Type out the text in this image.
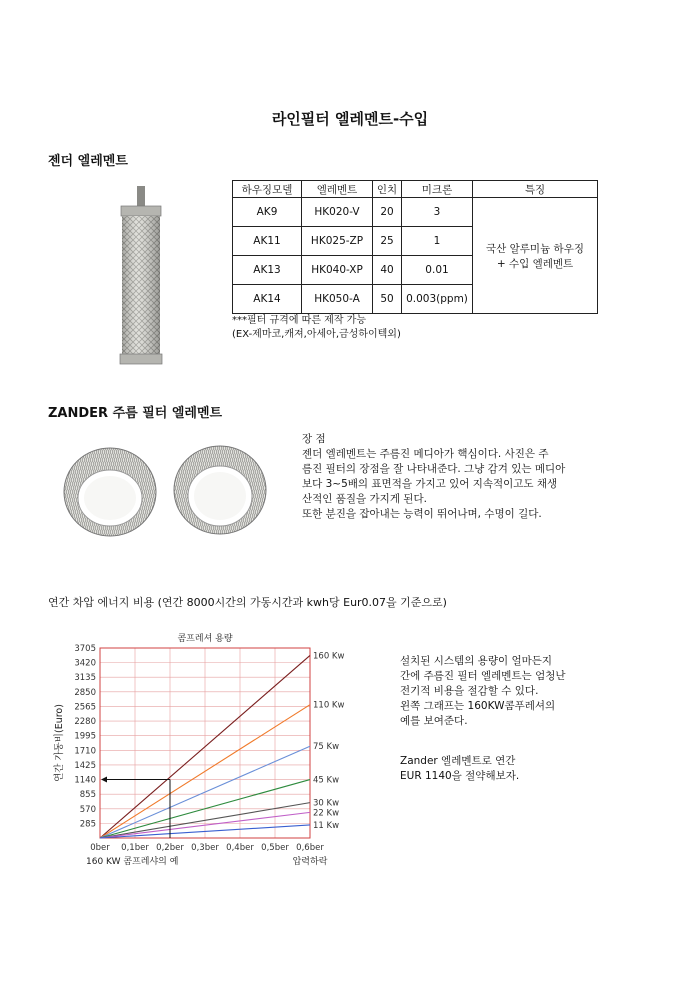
라인필터 엘레멘트-수입
젠더 엘레멘트
하우징모델	엘레멘트	인치	미크론	특징
AK9	HK020-V	20	3	국산 알루미늄 하우징
+ 수입 엘레멘트

AK11	HK025-ZP	25	1	
AK13	HK040-XP	40	0.01	
AK14	HK050-A	50	0.003(ppm)	
***필터 규격에 따른 제작 가능
(EX-제마코,캐져,아세아,금성하이텍외)
ZANDER 주름 필터 엘레멘트
장 점
젠더 엘레멘트는 주름진 메디아가 핵심이다. 사진은 주
름진 필터의 장점을 잘 나타내준다. 그냥 감겨 있는 메디아
보다 3~5배의 표면적을 가지고 있어 지속적이고도 채생
산적인 품질을 가지게 된다.
또한 분진을 잡아내는 능력이 뛰어나며, 수명이 길다.
연간 차압 에너지 비용 (연간 8000시간의 가동시간과 kwh당 Eur0.07을 기준으로)
콤프레셔 용량
0ber 0,1ber 0,2ber 0,3ber 0,4ber 0,5ber 0,6ber
285
570
855
1140
1425
1710
1995
2280
2565
2850
3135
3420
3705
160 Kw
110 Kw
75 Kw
45 Kw
30 Kw
22 Kw
11 Kw
연간 가동비(Euro)
압력하락
160 KW 콤프레샤의 예
설치된 시스템의 용량이 얼마든지
간에 주름진 필터 엘레멘트는 엄청난
전기적 비용을 절감할 수 있다.
왼쪽 그래프는 160KW콤푸레셔의
예를 보여준다.
Zander 엘레멘트로 연간
EUR 1140을 절약해보자.
